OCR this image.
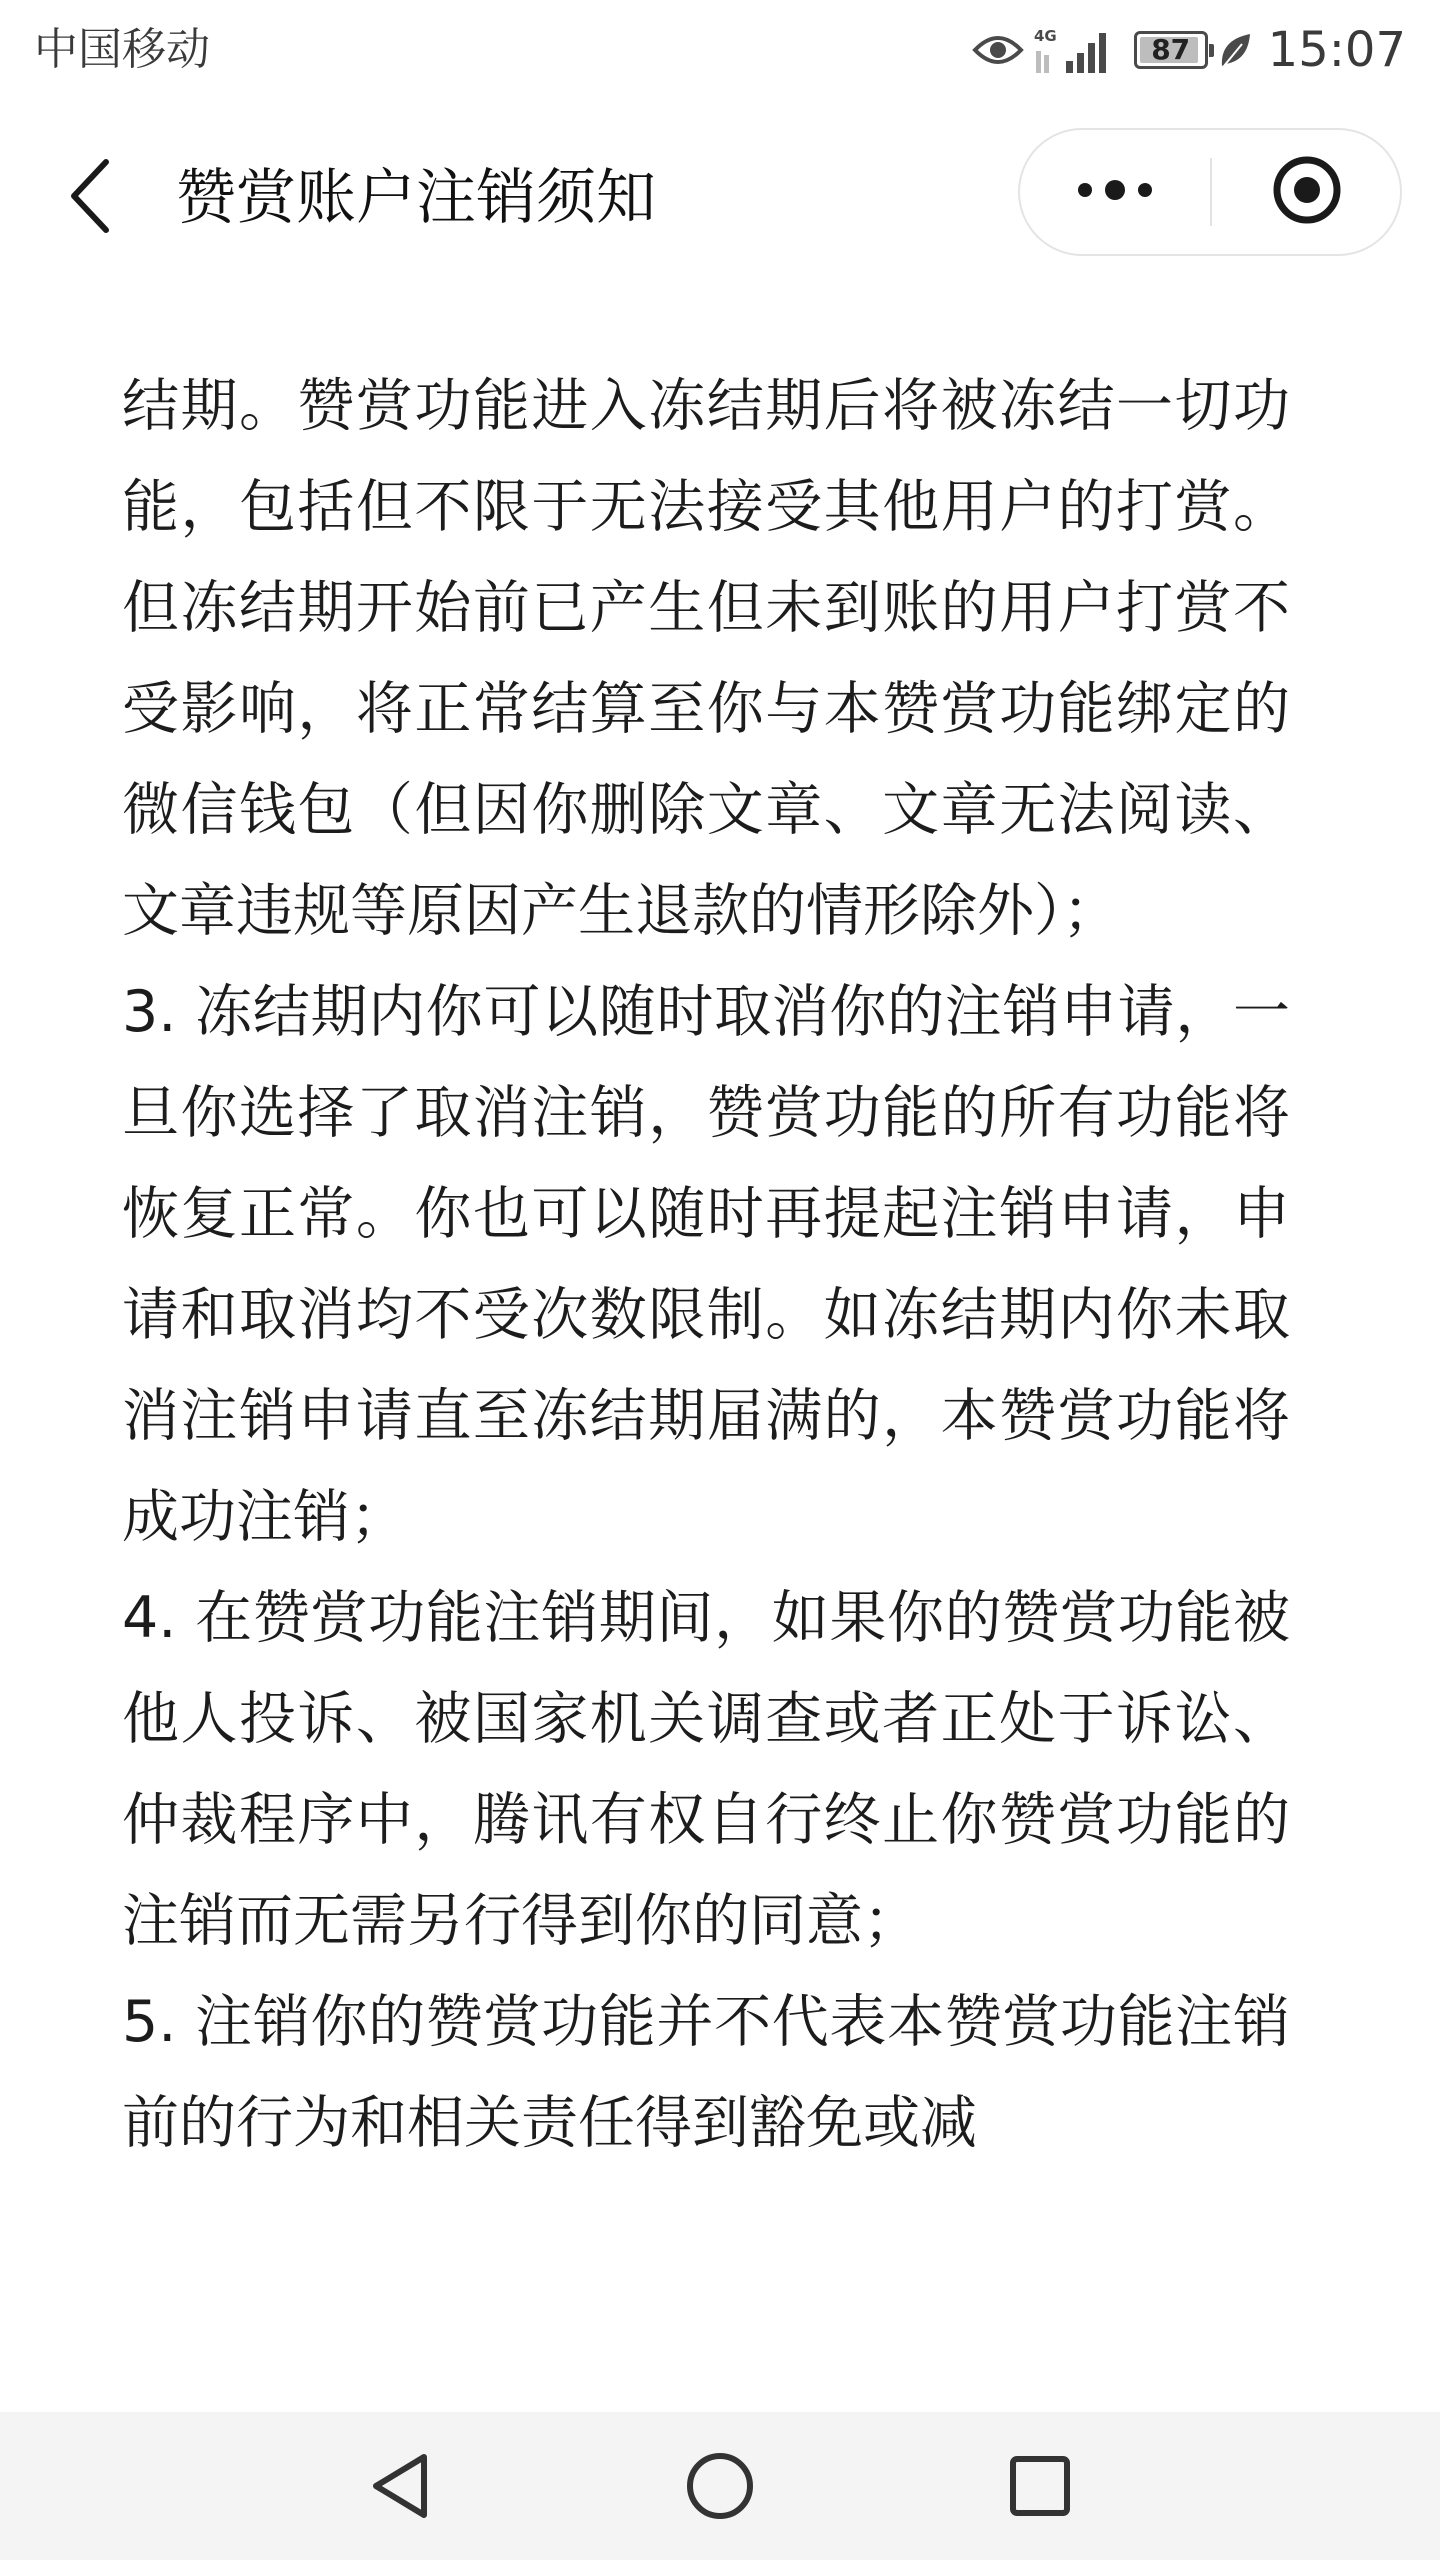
中国移动	4G	87 15:07
赞赏账户注销须知

结期。赞赏功能进入冻结期后将被冻结一切功能，包括但不限于无法接受其他用户的打赏。但冻结期开始前已产生但未到账的用户打赏不受影响，将正常结算至你与本赞赏功能绑定的微信钱包（但因你删除文章、文章无法阅读、文章违规等原因产生退款的情形除外）；

3. 冻结期内你可以随时取消你的注销申请，一旦你选择了取消注销，赞赏功能的所有功能将恢复正常。你也可以随时再提起注销申请，申请和取消均不受次数限制。如冻结期内你未取消注销申请直至冻结期届满的，本赞赏功能将成功注销；

4. 在赞赏功能注销期间，如果你的赞赏功能被他人投诉、被国家机关调查或者正处于诉讼、仲裁程序中，腾讯有权自行终止你赞赏功能的注销而无需另行得到你的同意；

5. 注销你的赞赏功能并不代表本赞赏功能注销前的行为和相关责任得到豁免或减
